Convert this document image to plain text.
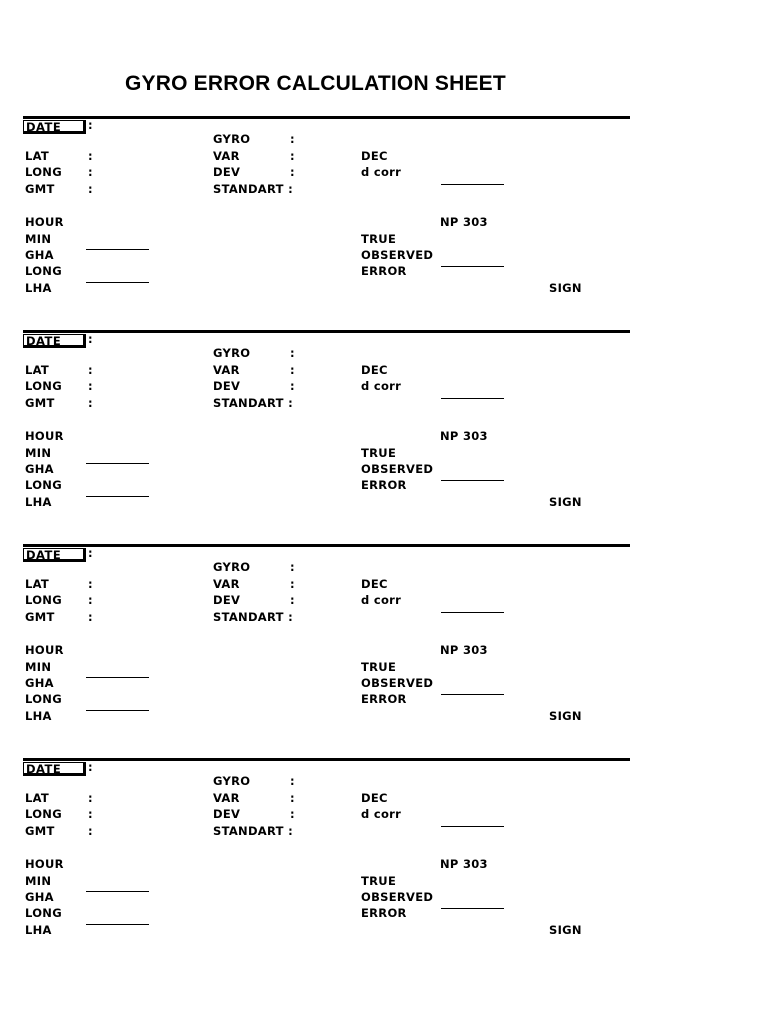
GYRO ERROR CALCULATION SHEET
DATE :
GYRO	:
LAT	:	VAR	:	DEC
LONG :	DEV	:	d corr
GMT	:	STANDART :
HOUR	NP 303
MIN	TRUE
GHA	OBSERVED
LONG	ERROR
LHA	SIGN
DATE :
GYRO	:
LAT	:	VAR	:	DEC
LONG :	DEV	:	d corr
GMT	:	STANDART :
HOUR	NP 303
MIN	TRUE
GHA	OBSERVED
LONG	ERROR
LHA	SIGN
DATE :
GYRO	:
LAT	:	VAR	:	DEC
LONG :	DEV	:	d corr
GMT	:	STANDART :
HOUR	NP 303
MIN	TRUE
GHA	OBSERVED
LONG	ERROR
LHA	SIGN
DATE :
GYRO	:
LAT	:	VAR	:	DEC
LONG :	DEV	:	d corr
GMT	:	STANDART :
HOUR	NP 303
MIN	TRUE
GHA	OBSERVED
LONG	ERROR
LHA	SIGN
